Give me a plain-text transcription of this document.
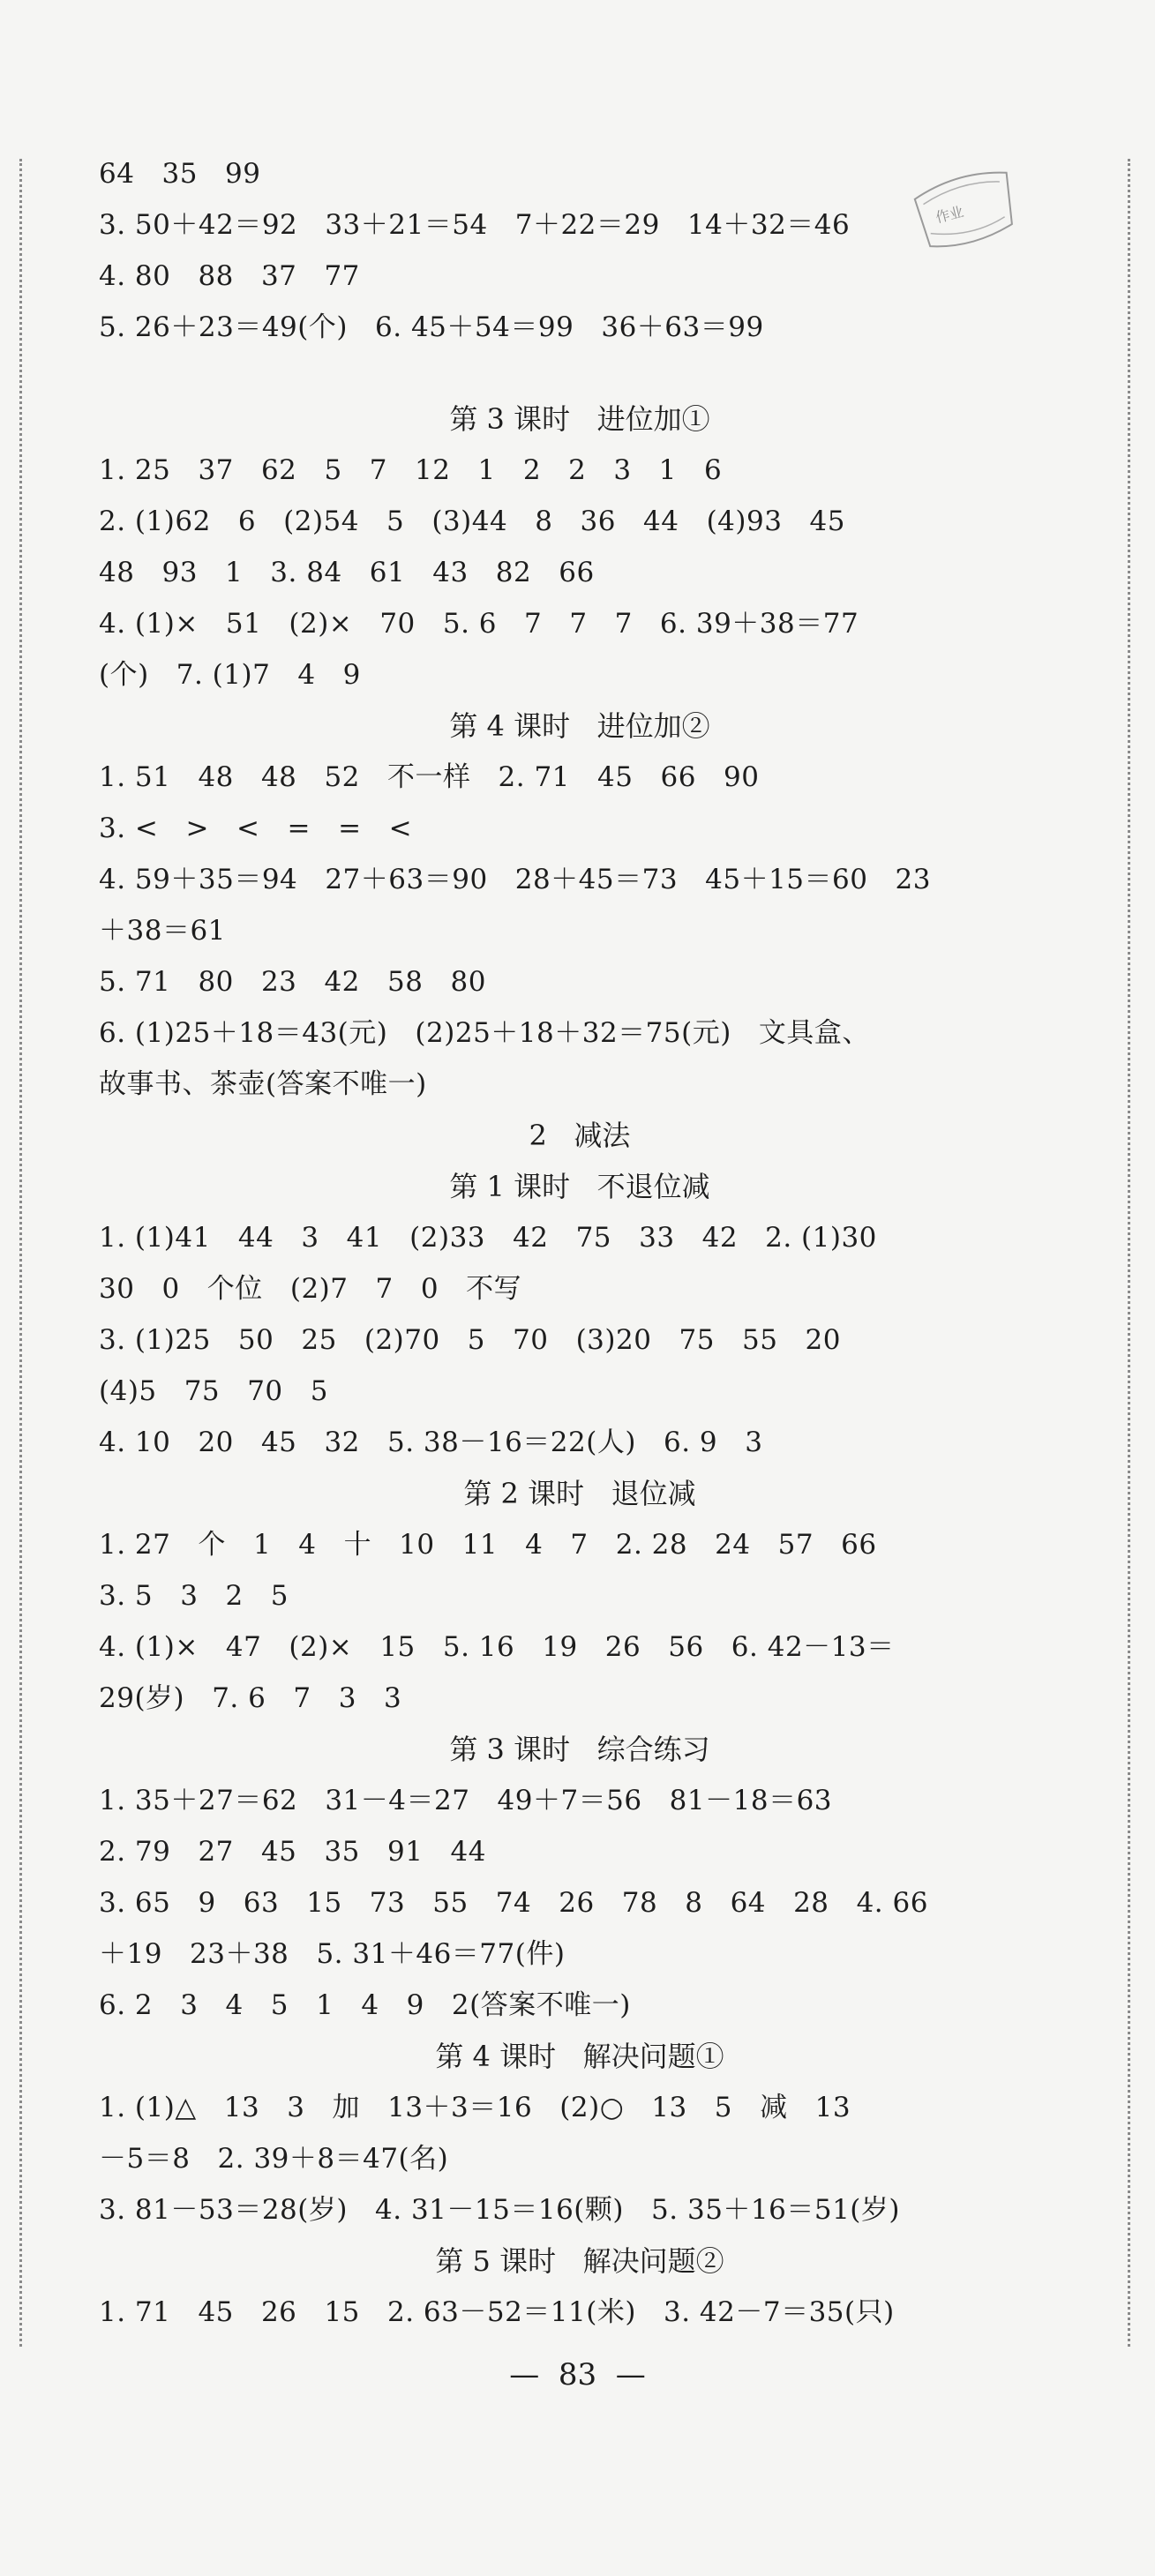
作业
64   35   99
3. 50＋42＝92   33＋21＝54   7＋22＝29   14＋32＝46
4. 80   88   37   77
5. 26＋23＝49(个)   6. 45＋54＝99   36＋63＝99
第 3 课时   进位加①
1. 25   37   62   5   7   12   1   2   2   3   1   6
2. (1)62   6   (2)54   5   (3)44   8   36   44   (4)93   45
48   93   1   3. 84   61   43   82   66
4. (1)×   51   (2)×   70   5. 6   7   7   7   6. 39＋38＝77
(个)   7. (1)7   4   9
第 4 课时   进位加②
1. 51   48   48   52   不一样   2. 71   45   66   90
3. <   >   <   =   =   <
4. 59＋35＝94   27＋63＝90   28＋45＝73   45＋15＝60   23
＋38＝61
5. 71   80   23   42   58   80
6. (1)25＋18＝43(元)   (2)25＋18＋32＝75(元)   文具盒、
故事书、茶壶(答案不唯一)
2   减法
第 1 课时   不退位减
1. (1)41   44   3   41   (2)33   42   75   33   42   2. (1)30
30   0   个位   (2)7   7   0   不写
3. (1)25   50   25   (2)70   5   70   (3)20   75   55   20
(4)5   75   70   5
4. 10   20   45   32   5. 38－16＝22(人)   6. 9   3
第 2 课时   退位减
1. 27   个   1   4   十   10   11   4   7   2. 28   24   57   66
3. 5   3   2   5
4. (1)×   47   (2)×   15   5. 16   19   26   56   6. 42－13＝
29(岁)   7. 6   7   3   3
第 3 课时   综合练习
1. 35＋27＝62   31－4＝27   49＋7＝56   81－18＝63
2. 79   27   45   35   91   44
3. 65   9   63   15   73   55   74   26   78   8   64   28   4. 66
＋19   23＋38   5. 31＋46＝77(件)
6. 2   3   4   5   1   4   9   2(答案不唯一)
第 4 课时   解决问题①
1. (1)△   13   3   加   13＋3＝16   (2)○   13   5   减   13
－5＝8   2. 39＋8＝47(名)
3. 81－53＝28(岁)   4. 31－15＝16(颗)   5. 35＋16＝51(岁)
第 5 课时   解决问题②
1. 71   45   26   15   2. 63－52＝11(米)   3. 42－7＝35(只)
—  83  —
